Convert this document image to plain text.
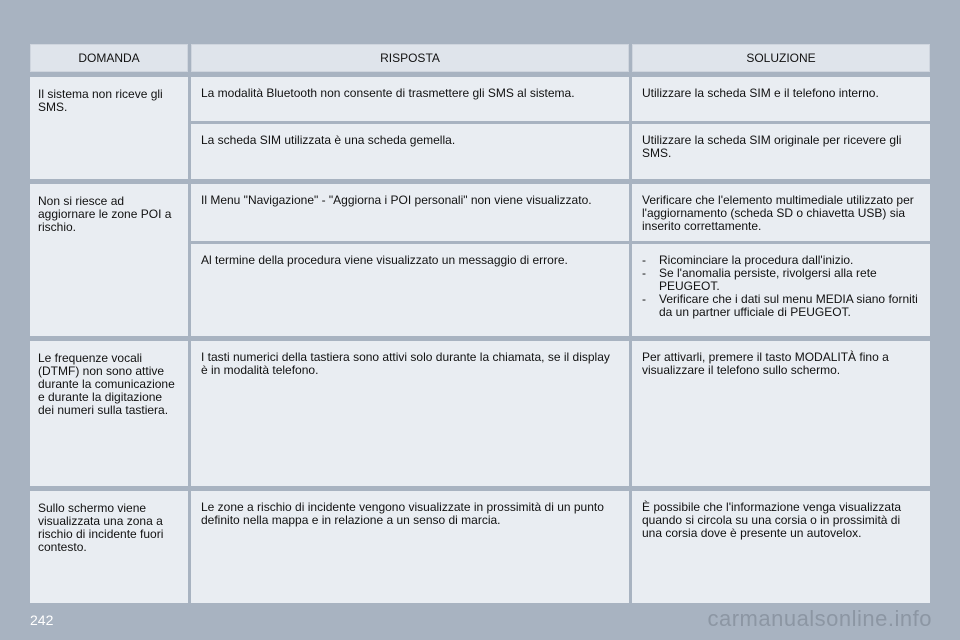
DOMANDA	RISPOSTA	SOLUZIONE
Il sistema non riceve gli SMS.
La modalità Bluetooth non consente di trasmettere gli SMS al sistema.	Utilizzare la scheda SIM e il telefono interno.
La scheda SIM utilizzata è una scheda gemella.	Utilizzare la scheda SIM originale per ricevere gli SMS.
Non si riesce ad aggiornare le zone POI a rischio.
Il Menu "Navigazione" - "Aggiorna i POI personali" non viene visualizzato.	Verificare che l'elemento multimediale utilizzato per l'aggiornamento (scheda SD o chiavetta USB) sia inserito correttamente.
Al termine della procedura viene visualizzato un messaggio di errore.
-	Ricominciare la procedura dall'inizio.
- Se l'anomalia persiste, rivolgersi alla rete PEUGEOT.
- Verificare che i dati sul menu MEDIA siano forniti da un partner ufficiale di PEUGEOT.
Le frequenze vocali (DTMF) non sono attive durante la comunicazione e durante la digitazione dei numeri sulla tastiera.
I tasti numerici della tastiera sono attivi solo durante la chiamata, se il display è in modalità telefono.
Per attivarli, premere il tasto MODALITÀ fino a visualizzare il telefono sullo schermo.
Sullo schermo viene visualizzata una zona a rischio di incidente fuori contesto.
Le zone a rischio di incidente vengono visualizzate in prossimità di un punto definito nella mappa e in relazione a un senso di marcia.
È possibile che l'informazione venga visualizzata quando si circola su una corsia o in prossimità di una corsia dove è presente un autovelox.
242	carmanualsonline.info
